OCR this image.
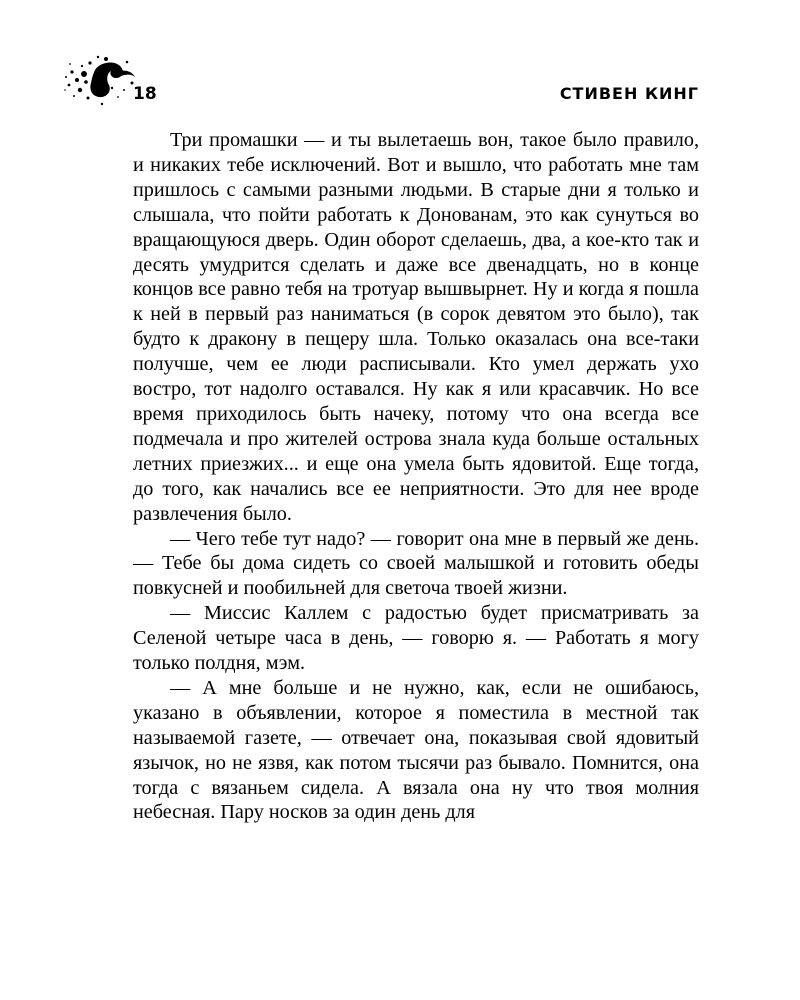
18	СТИВЕН КИНГ

Три промашки — и ты вылетаешь вон, такое было правило, и никаких тебе исключений. Вот и вышло, что работать мне там пришлось с самыми разными людьми. В старые дни я только и слышала, что пойти работать к Донованам, это как сунуться во вращающуюся дверь. Один оборот сделаешь, два, а кое-кто так и десять умудрится сделать и даже все двенадцать, но в конце концов все равно тебя на тротуар вышвырнет. Ну и когда я пошла к ней в первый раз наниматься (в сорок девятом это было), так будто к дракону в пещеру шла. Только оказалась она все-таки получше, чем ее люди расписывали. Кто умел держать ухо востро, тот надолго оставался. Ну как я или красавчик. Но все время приходилось быть начеку, потому что она всегда все подмечала и про жителей острова знала куда больше остальных летних приезжих... и еще она умела быть ядовитой. Еще тогда, до того, как начались все ее неприятности. Это для нее вроде развлечения было.

— Чего тебе тут надо? — говорит она мне в первый же день. — Тебе бы дома сидеть со своей малышкой и готовить обеды повкусней и пообильней для светоча твоей жизни.

— Миссис Каллем с радостью будет присматривать за Селеной четыре часа в день, — говорю я. — Работать я могу только полдня, мэм.

— А мне больше и не нужно, как, если не ошибаюсь, указано в объявлении, которое я поместила в местной так называемой газете, — отвечает она, показывая свой ядовитый язычок, но не язвя, как потом тысячи раз бывало. Помнится, она тогда с вязаньем сидела. А вязала она ну что твоя молния небесная. Пару носков за один день для
